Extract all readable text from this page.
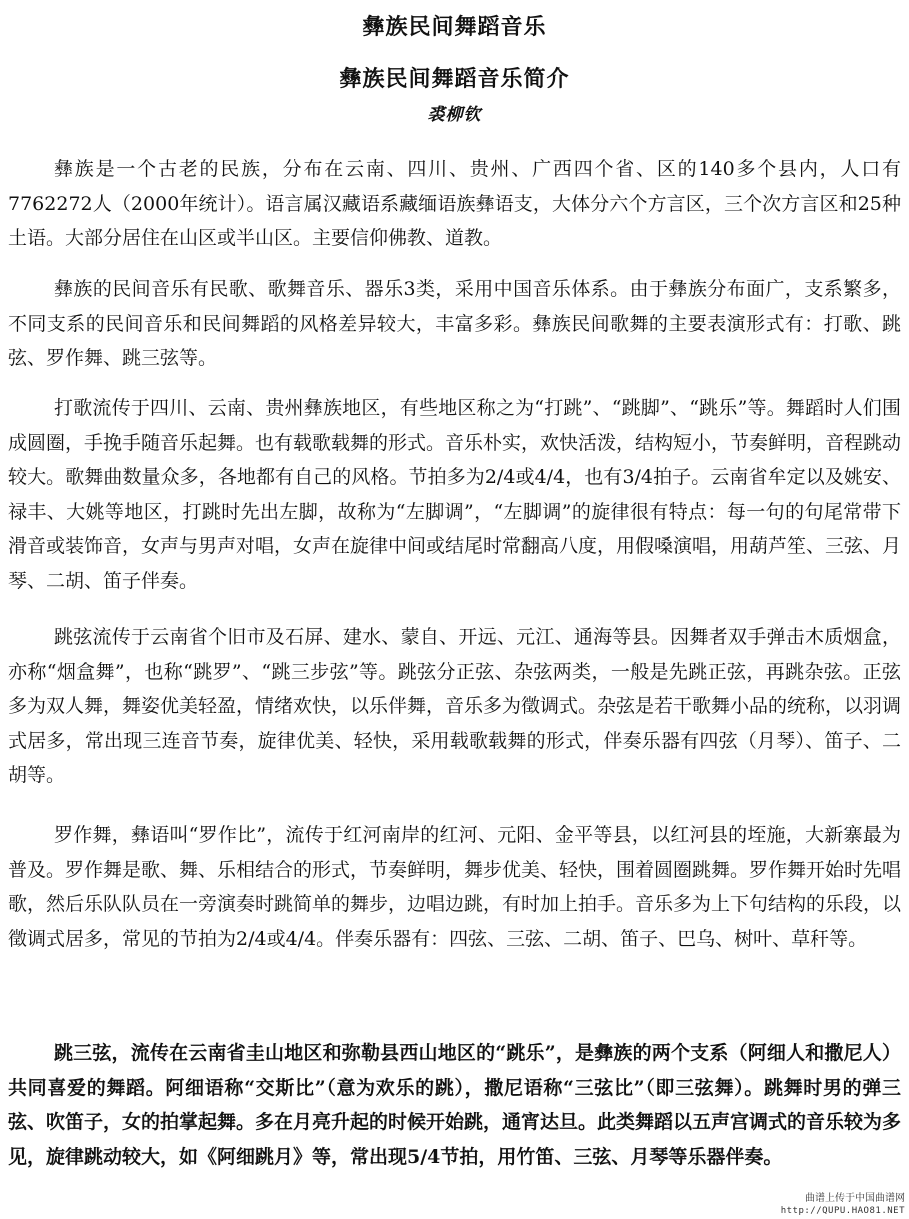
彝族民间舞蹈音乐
彝族民间舞蹈音乐简介
裘柳钦

彝族是一个古老的民族，分布在云南、四川、贵州、广西四个省、区的140多个县内，人口有7762272人（2000年统计）。语言属汉藏语系藏缅语族彝语支，大体分六个方言区，三个次方言区和25种土语。大部分居住在山区或半山区。主要信仰佛教、道教。

彝族的民间音乐有民歌、歌舞音乐、器乐3类，采用中国音乐体系。由于彝族分布面广，支系繁多，不同支系的民间音乐和民间舞蹈的风格差异较大，丰富多彩。彝族民间歌舞的主要表演形式有：打歌、跳弦、罗作舞、跳三弦等。

打歌流传于四川、云南、贵州彝族地区，有些地区称之为“打跳”、“跳脚”、“跳乐”等。舞蹈时人们围成圆圈，手挽手随音乐起舞。也有载歌载舞的形式。音乐朴实，欢快活泼，结构短小，节奏鲜明，音程跳动较大。歌舞曲数量众多，各地都有自己的风格。节拍多为2/4或4/4，也有3/4拍子。云南省牟定以及姚安、禄丰、大姚等地区，打跳时先出左脚，故称为“左脚调”，“左脚调”的旋律很有特点：每一句的句尾常带下滑音或装饰音，女声与男声对唱，女声在旋律中间或结尾时常翻高八度，用假嗓演唱，用葫芦笙、三弦、月琴、二胡、笛子伴奏。

跳弦流传于云南省个旧市及石屏、建水、蒙自、开远、元江、通海等县。因舞者双手弹击木质烟盒，亦称“烟盒舞”，也称“跳罗”、“跳三步弦”等。跳弦分正弦、杂弦两类，一般是先跳正弦，再跳杂弦。正弦多为双人舞，舞姿优美轻盈，情绪欢快，以乐伴舞，音乐多为徵调式。杂弦是若干歌舞小品的统称，以羽调式居多，常出现三连音节奏，旋律优美、轻快，采用载歌载舞的形式，伴奏乐器有四弦（月琴）、笛子、二胡等。

罗作舞，彝语叫“罗作比”，流传于红河南岸的红河、元阳、金平等县，以红河县的垤施，大新寨最为普及。罗作舞是歌、舞、乐相结合的形式，节奏鲜明，舞步优美、轻快，围着圆圈跳舞。罗作舞开始时先唱歌，然后乐队队员在一旁演奏时跳简单的舞步，边唱边跳，有时加上拍手。音乐多为上下句结构的乐段，以徵调式居多，常见的节拍为2/4或4/4。伴奏乐器有：四弦、三弦、二胡、笛子、巴乌、树叶、草秆等。

跳三弦，流传在云南省圭山地区和弥勒县西山地区的“跳乐”，是彝族的两个支系（阿细人和撒尼人）共同喜爱的舞蹈。阿细语称“交斯比”（意为欢乐的跳），撒尼语称“三弦比”（即三弦舞）。跳舞时男的弹三弦、吹笛子，女的拍掌起舞。多在月亮升起的时候开始跳，通宵达旦。此类舞蹈以五声宫调式的音乐较为多见，旋律跳动较大，如《阿细跳月》等，常出现5/4节拍，用竹笛、三弦、月琴等乐器伴奏。

曲谱上传于中国曲谱网
http://QUPU.HAO81.NET
